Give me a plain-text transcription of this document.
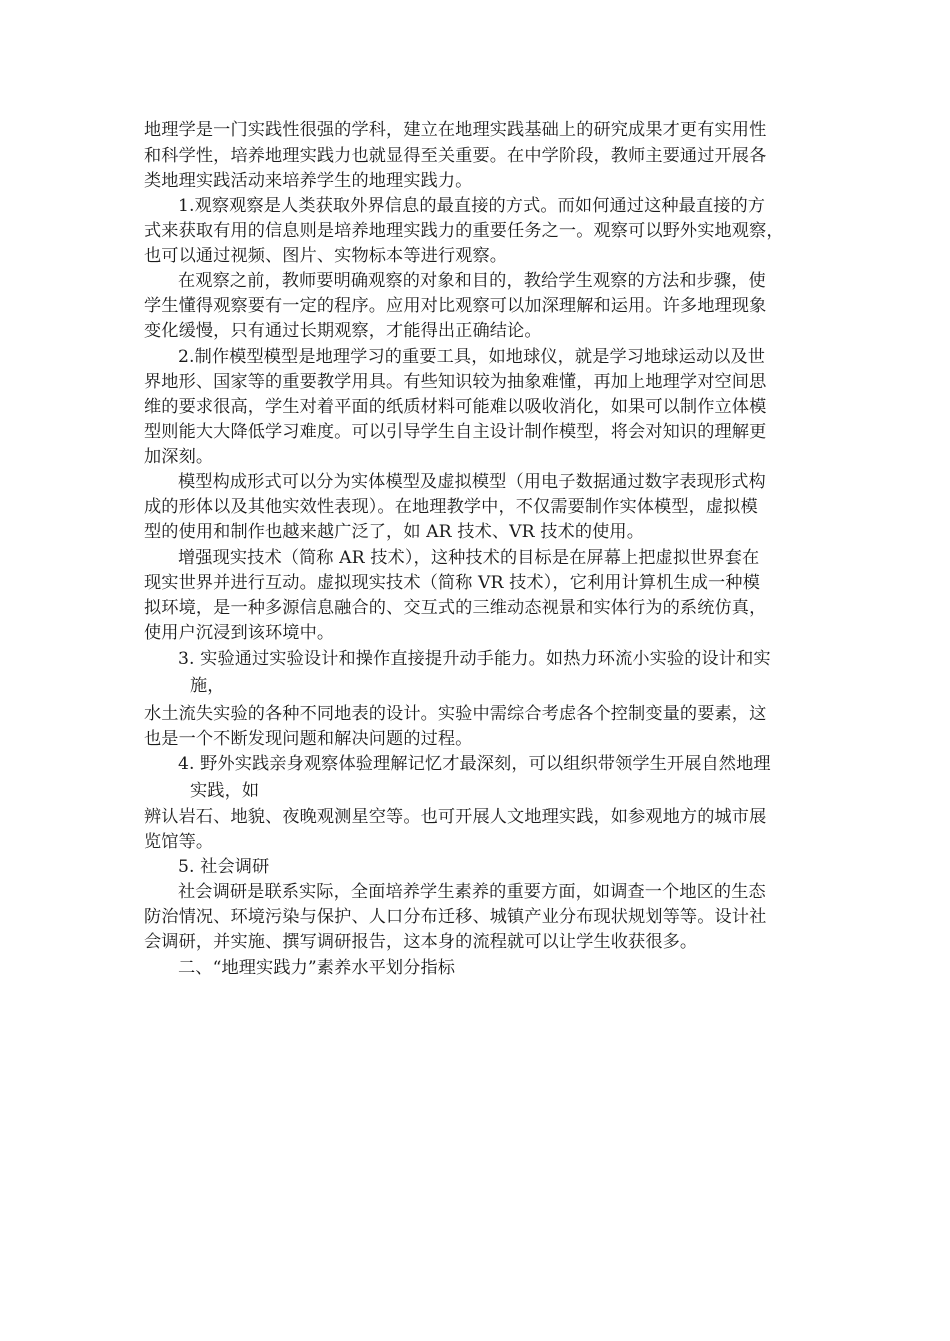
地理学是一门实践性很强的学科，建立在地理实践基础上的研究成果才更有实用性
和科学性，培养地理实践力也就显得至关重要。在中学阶段，教师主要通过开展各
类地理实践活动来培养学生的地理实践力。
1.观察观察是人类获取外界信息的最直接的方式。而如何通过这种最直接的方
式来获取有用的信息则是培养地理实践力的重要任务之一。观察可以野外实地观察，
也可以通过视频、图片、实物标本等进行观察。
在观察之前，教师要明确观察的对象和目的，教给学生观察的方法和步骤，使
学生懂得观察要有一定的程序。应用对比观察可以加深理解和运用。许多地理现象
变化缓慢，只有通过长期观察，才能得出正确结论。
2.制作模型模型是地理学习的重要工具，如地球仪，就是学习地球运动以及世
界地形、国家等的重要教学用具。有些知识较为抽象难懂，再加上地理学对空间思
维的要求很高，学生对着平面的纸质材料可能难以吸收消化，如果可以制作立体模
型则能大大降低学习难度。可以引导学生自主设计制作模型，将会对知识的理解更
加深刻。
模型构成形式可以分为实体模型及虚拟模型（用电子数据通过数字表现形式构
成的形体以及其他实效性表现）。在地理教学中，不仅需要制作实体模型，虚拟模
型的使用和制作也越来越广泛了，如 AR 技术、VR 技术的使用。
增强现实技术（简称 AR 技术），这种技术的目标是在屏幕上把虚拟世界套在
现实世界并进行互动。虚拟现实技术（简称 VR 技术），它利用计算机生成一种模
拟环境，是一种多源信息融合的、交互式的三维动态视景和实体行为的系统仿真，
使用户沉浸到该环境中。
3. 实验通过实验设计和操作直接提升动手能力。如热力环流小实验的设计和实
施，
水土流失实验的各种不同地表的设计。实验中需综合考虑各个控制变量的要素，这
也是一个不断发现问题和解决问题的过程。
4. 野外实践亲身观察体验理解记忆才最深刻，可以组织带领学生开展自然地理
实践，如
辨认岩石、地貌、夜晚观测星空等。也可开展人文地理实践，如参观地方的城市展
览馆等。
5. 社会调研
社会调研是联系实际，全面培养学生素养的重要方面，如调查一个地区的生态
防治情况、环境污染与保护、人口分布迁移、城镇产业分布现状规划等等。设计社
会调研，并实施、撰写调研报告，这本身的流程就可以让学生收获很多。
二、“地理实践力”素养水平划分指标
